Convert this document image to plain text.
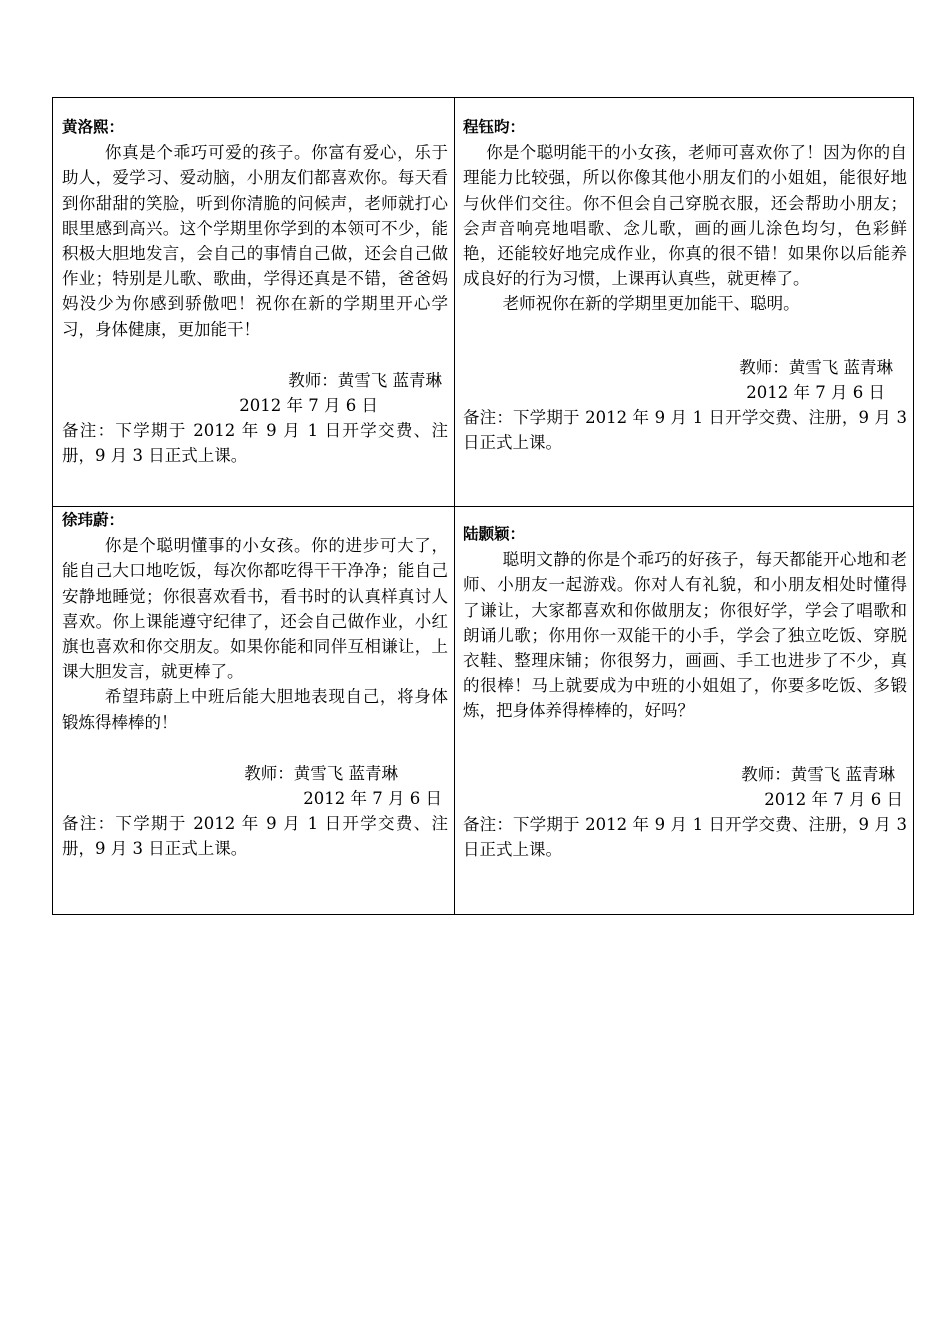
黄洛熙：

你真是个乖巧可爱的孩子。你富有爱心，乐于助人，爱学习、爱动脑，小朋友们都喜欢你。每天看到你甜甜的笑脸，听到你清脆的问候声，老师就打心眼里感到高兴。这个学期里你学到的本领可不少，能积极大胆地发言，会自己的事情自己做，还会自己做作业；特别是儿歌、歌曲，学得还真是不错，爸爸妈妈没少为你感到骄傲吧！祝你在新的学期里开心学习，身体健康，更加能干！

教师：黄雪飞 蓝青琳

2012 年 7 月 6 日

备注：下学期于 2012 年 9 月 1 日开学交费、注册，9 月 3 日正式上课。

程钰昀：

你是个聪明能干的小女孩，老师可喜欢你了！因为你的自理能力比较强，所以你像其他小朋友们的小姐姐，能很好地与伙伴们交往。你不但会自己穿脱衣服，还会帮助小朋友；会声音响亮地唱歌、念儿歌，画的画儿涂色均匀，色彩鲜艳，还能较好地完成作业，你真的很不错！如果你以后能养成良好的行为习惯，上课再认真些，就更棒了。

老师祝你在新的学期里更加能干、聪明。

教师：黄雪飞 蓝青琳

2012 年 7 月 6 日

备注：下学期于 2012 年 9 月 1 日开学交费、注册，9 月 3 日正式上课。

徐玮蔚：

你是个聪明懂事的小女孩。你的进步可大了，能自己大口地吃饭，每次你都吃得干干净净；能自己安静地睡觉；你很喜欢看书，看书时的认真样真讨人喜欢。你上课能遵守纪律了，还会自己做作业，小红旗也喜欢和你交朋友。如果你能和同伴互相谦让，上课大胆发言，就更棒了。

希望玮蔚上中班后能大胆地表现自己，将身体锻炼得棒棒的！

教师：黄雪飞 蓝青琳

2012 年 7 月 6 日

备注：下学期于 2012 年 9 月 1 日开学交费、注册，9 月 3 日正式上课。

陆颢颖：

聪明文静的你是个乖巧的好孩子，每天都能开心地和老师、小朋友一起游戏。你对人有礼貌，和小朋友相处时懂得了谦让，大家都喜欢和你做朋友；你很好学，学会了唱歌和朗诵儿歌；你用你一双能干的小手，学会了独立吃饭、穿脱衣鞋、整理床铺；你很努力，画画、手工也进步了不少，真的很棒！马上就要成为中班的小姐姐了，你要多吃饭、多锻炼，把身体养得棒棒的，好吗？

教师：黄雪飞 蓝青琳

2012 年 7 月 6 日

备注：下学期于 2012 年 9 月 1 日开学交费、注册，9 月 3 日正式上课。
